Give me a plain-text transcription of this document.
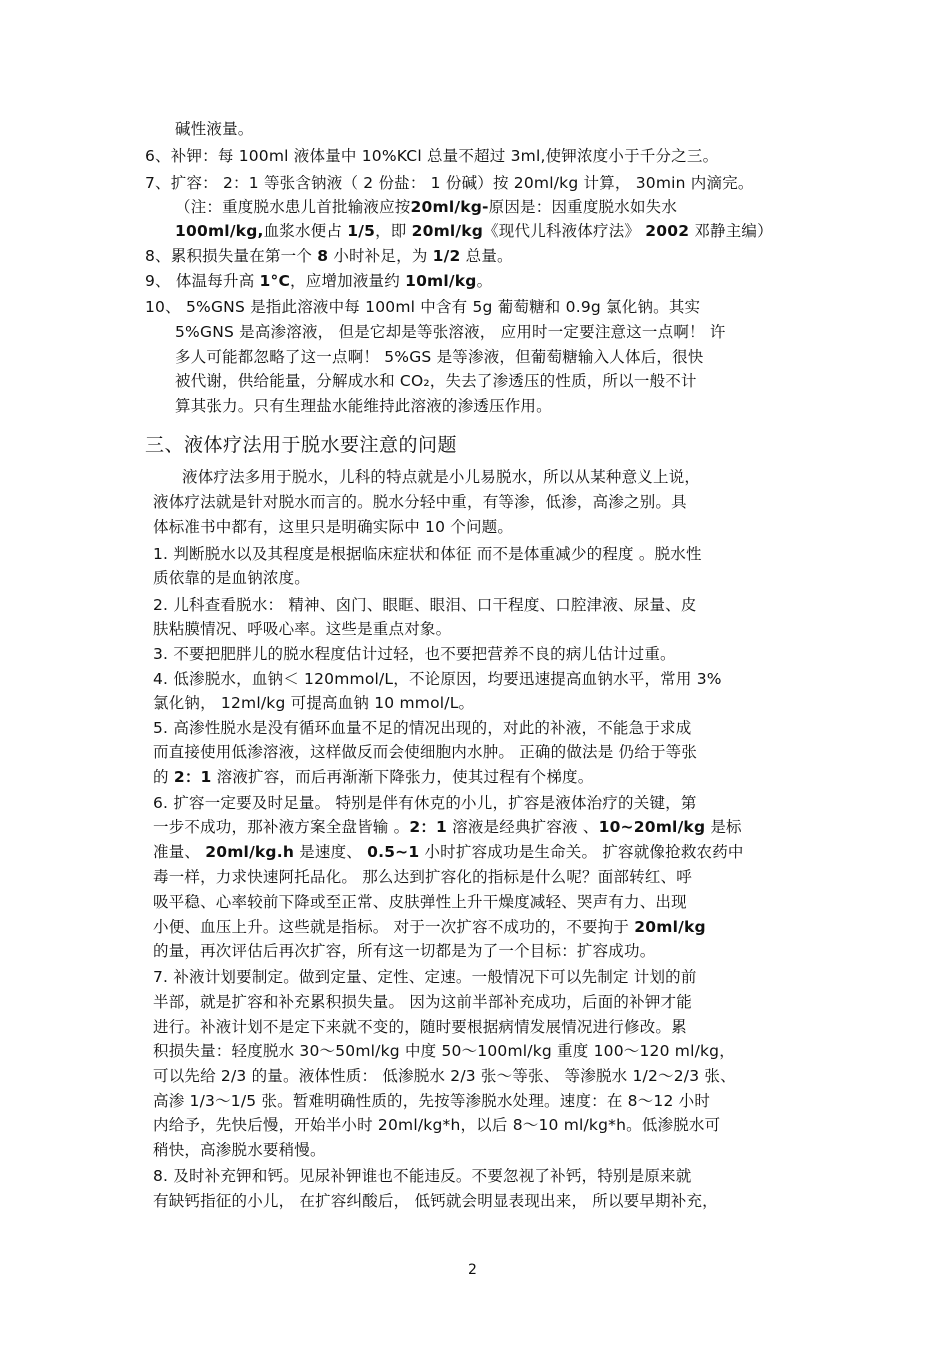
碱性液量。
6、补钾：每 100ml 液体量中 10%KCl 总量不超过 3ml,使钾浓度小于千分之三。
7、扩容： 2：1 等张含钠液（ 2 份盐： 1 份碱）按 20ml/kg 计算， 30min 内滴完。
（注：重度脱水患儿首批输液应按20ml/kg-原因是：因重度脱水如失水
100ml/kg,血浆水便占 1/5，即 20ml/kg《现代儿科液体疗法》 2002 邓静主编）
8、累积损失量在第一个 8 小时补足，为 1/2 总量。
9、 体温每升高 1°C，应增加液量约 10ml/kg。
10、 5%GNS 是指此溶液中每 100ml 中含有 5g 葡萄糖和 0.9g 氯化钠。其实
5%GNS 是高渗溶液， 但是它却是等张溶液， 应用时一定要注意这一点啊！ 许
多人可能都忽略了这一点啊！ 5%GS 是等渗液，但葡萄糖输入人体后，很快
被代谢，供给能量，分解成水和 CO₂，失去了渗透压的性质，所以一般不计
算其张力。只有生理盐水能维持此溶液的渗透压作用。
三、液体疗法用于脱水要注意的问题
液体疗法多用于脱水，儿科的特点就是小儿易脱水，所以从某种意义上说，
液体疗法就是针对脱水而言的。脱水分轻中重，有等渗，低渗，高渗之别。具
体标准书中都有，这里只是明确实际中 10 个问题。
1. 判断脱水以及其程度是根据临床症状和体征 而不是体重减少的程度 。脱水性
质依靠的是血钠浓度。
2. 儿科查看脱水： 精神、囟门、眼眶、眼泪、口干程度、口腔津液、尿量、皮
肤粘膜情况、呼吸心率。这些是重点对象。
3. 不要把肥胖儿的脱水程度估计过轻，也不要把营养不良的病儿估计过重。
4. 低渗脱水，血钠＜ 120mmol/L，不论原因，均要迅速提高血钠水平，常用 3%
氯化钠， 12ml/kg 可提高血钠 10 mmol/L。
5. 高渗性脱水是没有循环血量不足的情况出现的，对此的补液，不能急于求成
而直接使用低渗溶液，这样做反而会使细胞内水肿。 正确的做法是 仍给于等张
的 2：1 溶液扩容，而后再渐渐下降张力，使其过程有个梯度。
6. 扩容一定要及时足量。 特别是伴有休克的小儿，扩容是液体治疗的关键，第
一步不成功，那补液方案全盘皆输 。2：1 溶液是经典扩容液 、10~20ml/kg 是标
准量、 20ml/kg.h 是速度、 0.5~1 小时扩容成功是生命关。 扩容就像抢救农药中
毒一样，力求快速阿托品化。 那么达到扩容化的指标是什么呢？面部转红、呼
吸平稳、心率较前下降或至正常、皮肤弹性上升干燥度减轻、哭声有力、出现
小便、血压上升。这些就是指标。 对于一次扩容不成功的，不要拘于 20ml/kg
的量，再次评估后再次扩容，所有这一切都是为了一个目标：扩容成功。
7. 补液计划要制定。做到定量、定性、定速。一般情况下可以先制定 计划的前
半部，就是扩容和补充累积损失量。 因为这前半部补充成功，后面的补钾才能
进行。补液计划不是定下来就不变的，随时要根据病情发展情况进行修改。累
积损失量：轻度脱水 30～50ml/kg 中度 50～100ml/kg 重度 100～120 ml/kg，
可以先给 2/3 的量。液体性质： 低渗脱水 2/3 张～等张、 等渗脱水 1/2～2/3 张、
高渗 1/3～1/5 张。暂难明确性质的，先按等渗脱水处理。速度：在 8～12 小时
内给予，先快后慢，开始半小时 20ml/kg*h，以后 8～10 ml/kg*h。低渗脱水可
稍快，高渗脱水要稍慢。
8. 及时补充钾和钙。见尿补钾谁也不能违反。不要忽视了补钙，特别是原来就
有缺钙指征的小儿， 在扩容纠酸后， 低钙就会明显表现出来， 所以要早期补充，
2
